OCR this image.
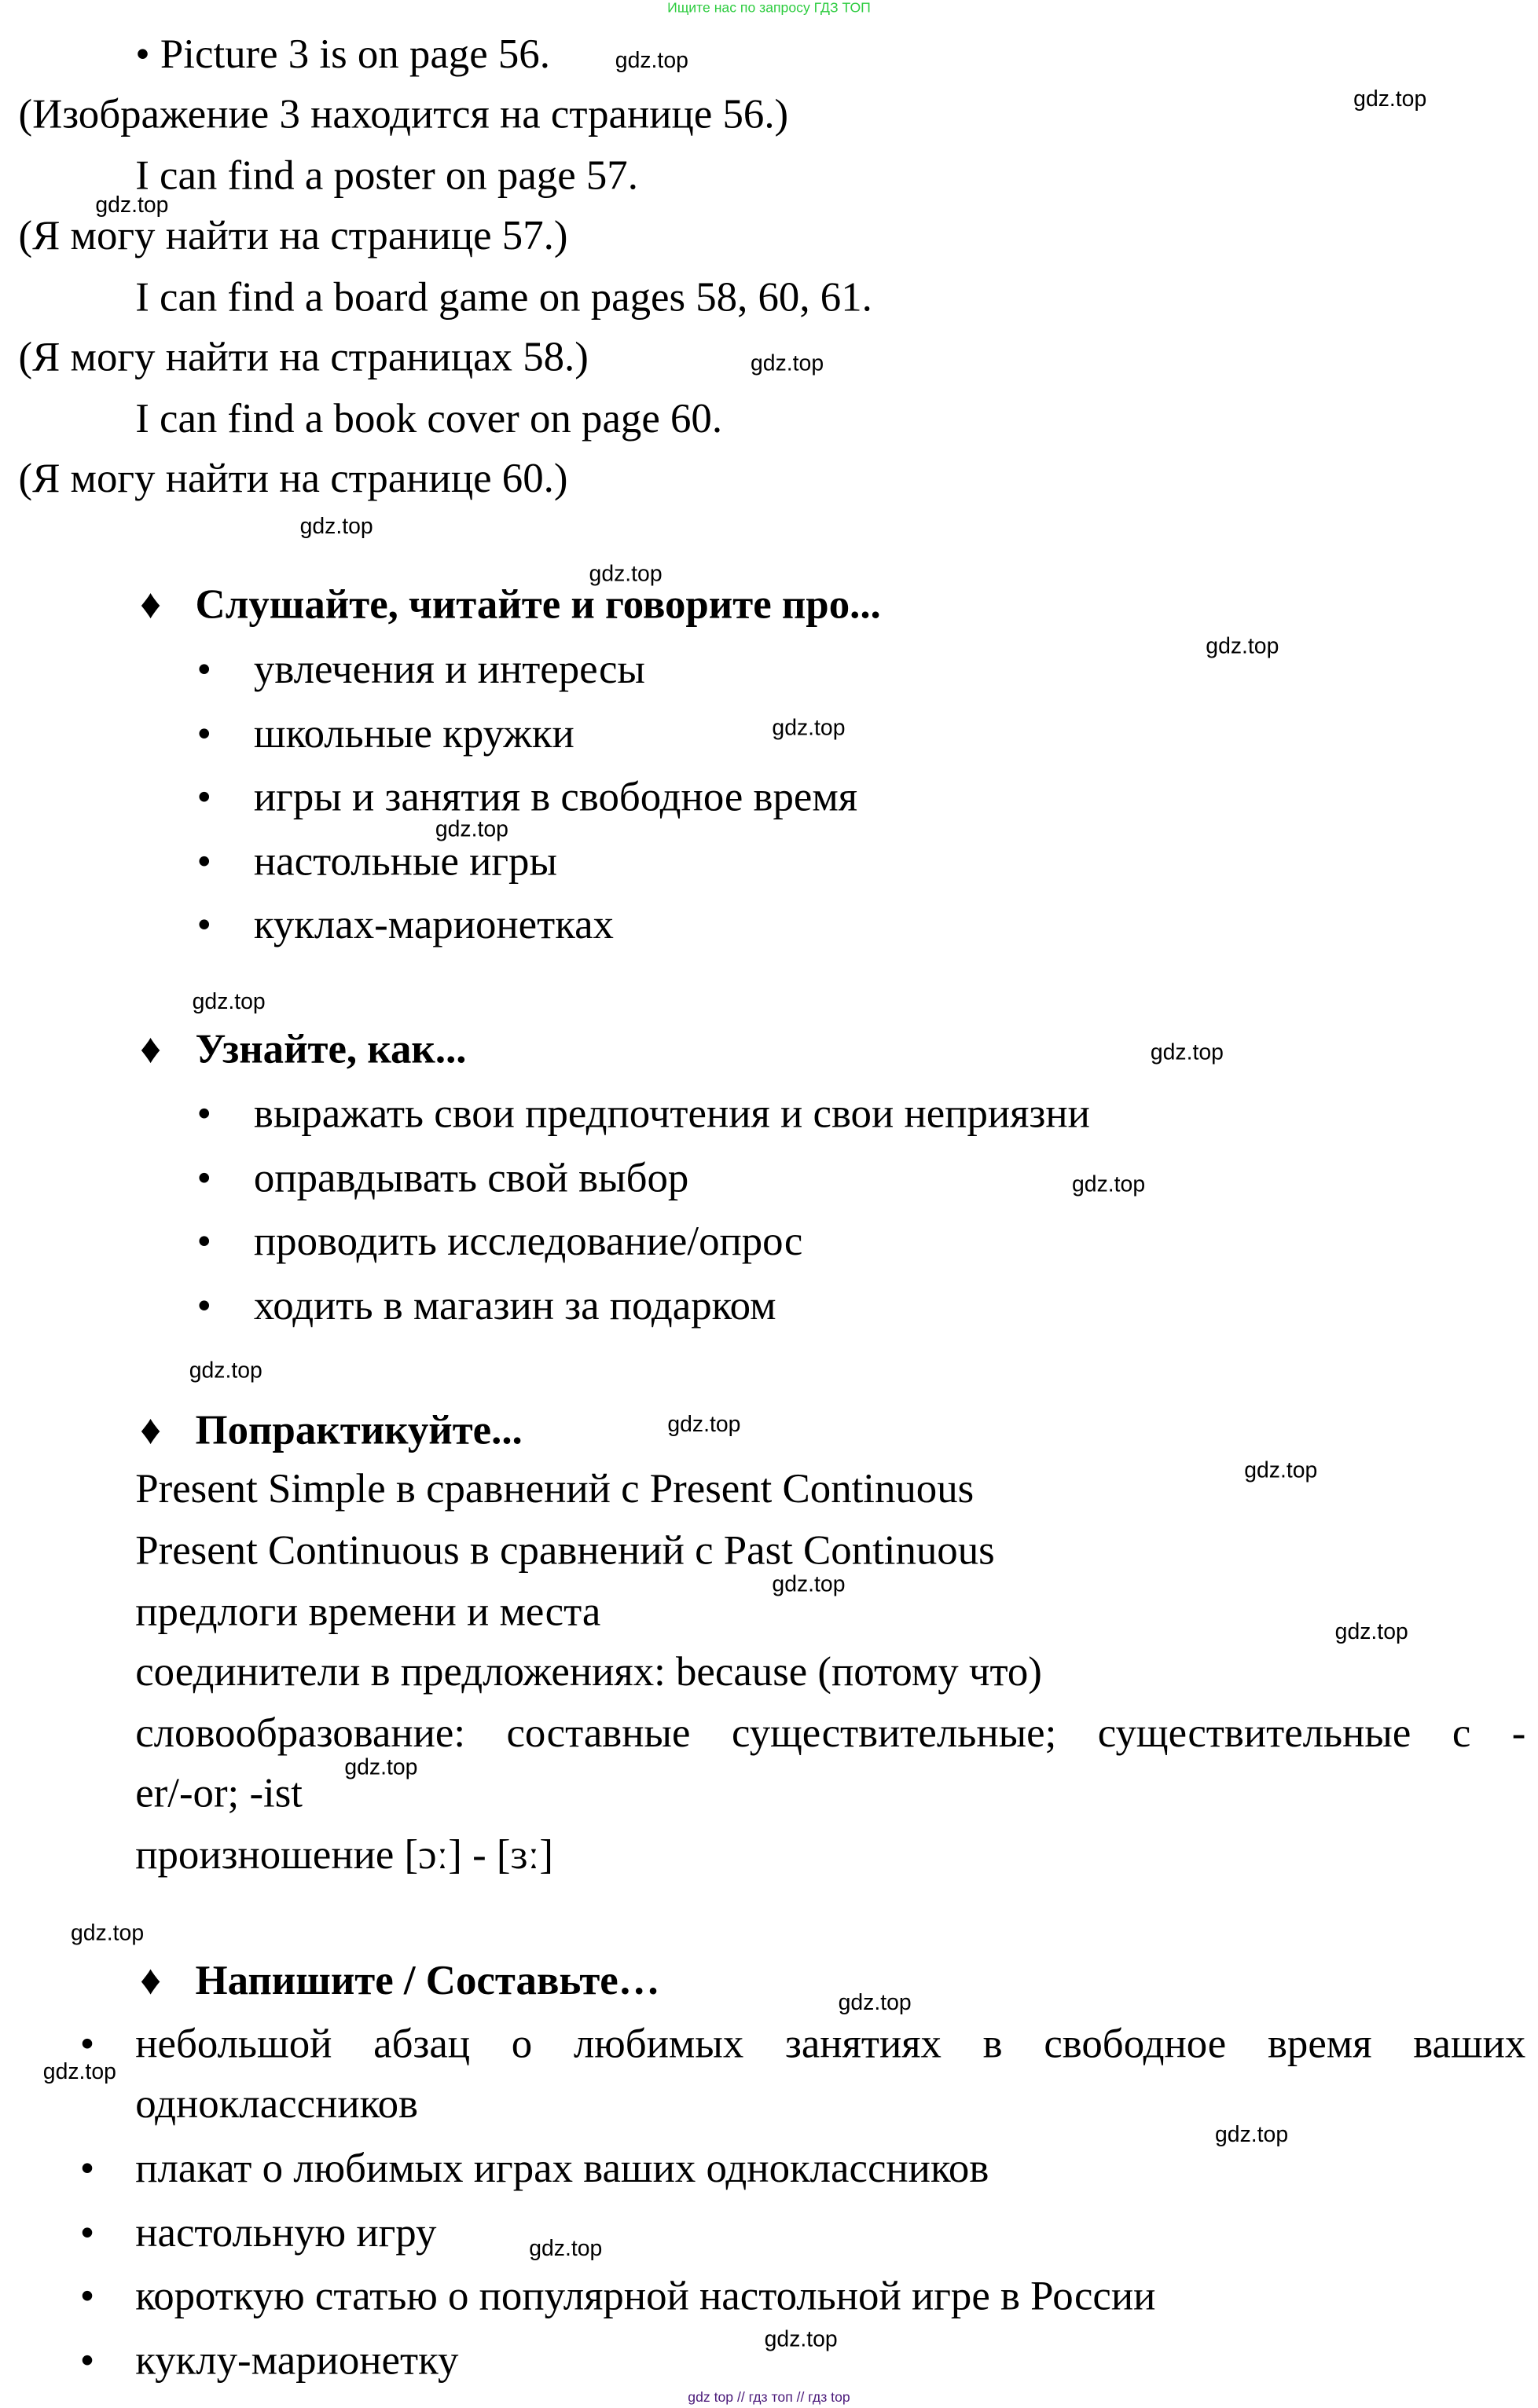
Ищите нас по запросу ГДЗ ТОП
gdz top // гдз топ // гдз top
• Picture 3 is on page 56.
(Изображение 3 находится на странице 56.)
I can find a poster on page 57.
(Я могу найти на странице 57.)
I can find a board game on pages 58, 60, 61.
(Я могу найти на страницах 58.)
I can find a book cover on page 60.
(Я могу найти на странице 60.)
♦ Слушайте, читайте и говорите про...
♦ Узнайте, как...
♦ Попрактикуйте...
♦ Напишите / Составьте…
• увлечения и интересы
• школьные кружки
• игры и занятия в свободное время
• настольные игры
• куклах-марионетках
• выражать свои предпочтения и свои неприязни
• оправдывать свой выбор
• проводить исследование/опрос
• ходить в магазин за подарком
Present Simple в сравнений с Present Continuous
Present Continuous в сравнений с Past Continuous
предлоги времени и места
соединители в предложениях: because (потому что)
словообразование: составные существительные; существительные с -
er/-or; -ist
произношение [ɔː] - [ɜː]
• небольшой абзац о любимых занятиях в свободное время ваших
одноклассников
• плакат о любимых играх ваших одноклассников
• настольную игру
• короткую статью о популярной настольной игре в России
• куклу-марионетку
gdz.top
gdz.top
gdz.top
gdz.top
gdz.top
gdz.top
gdz.top
gdz.top
gdz.top
gdz.top
gdz.top
gdz.top
gdz.top
gdz.top
gdz.top
gdz.top
gdz.top
gdz.top
gdz.top
gdz.top
gdz.top
gdz.top
gdz.top
gdz.top
